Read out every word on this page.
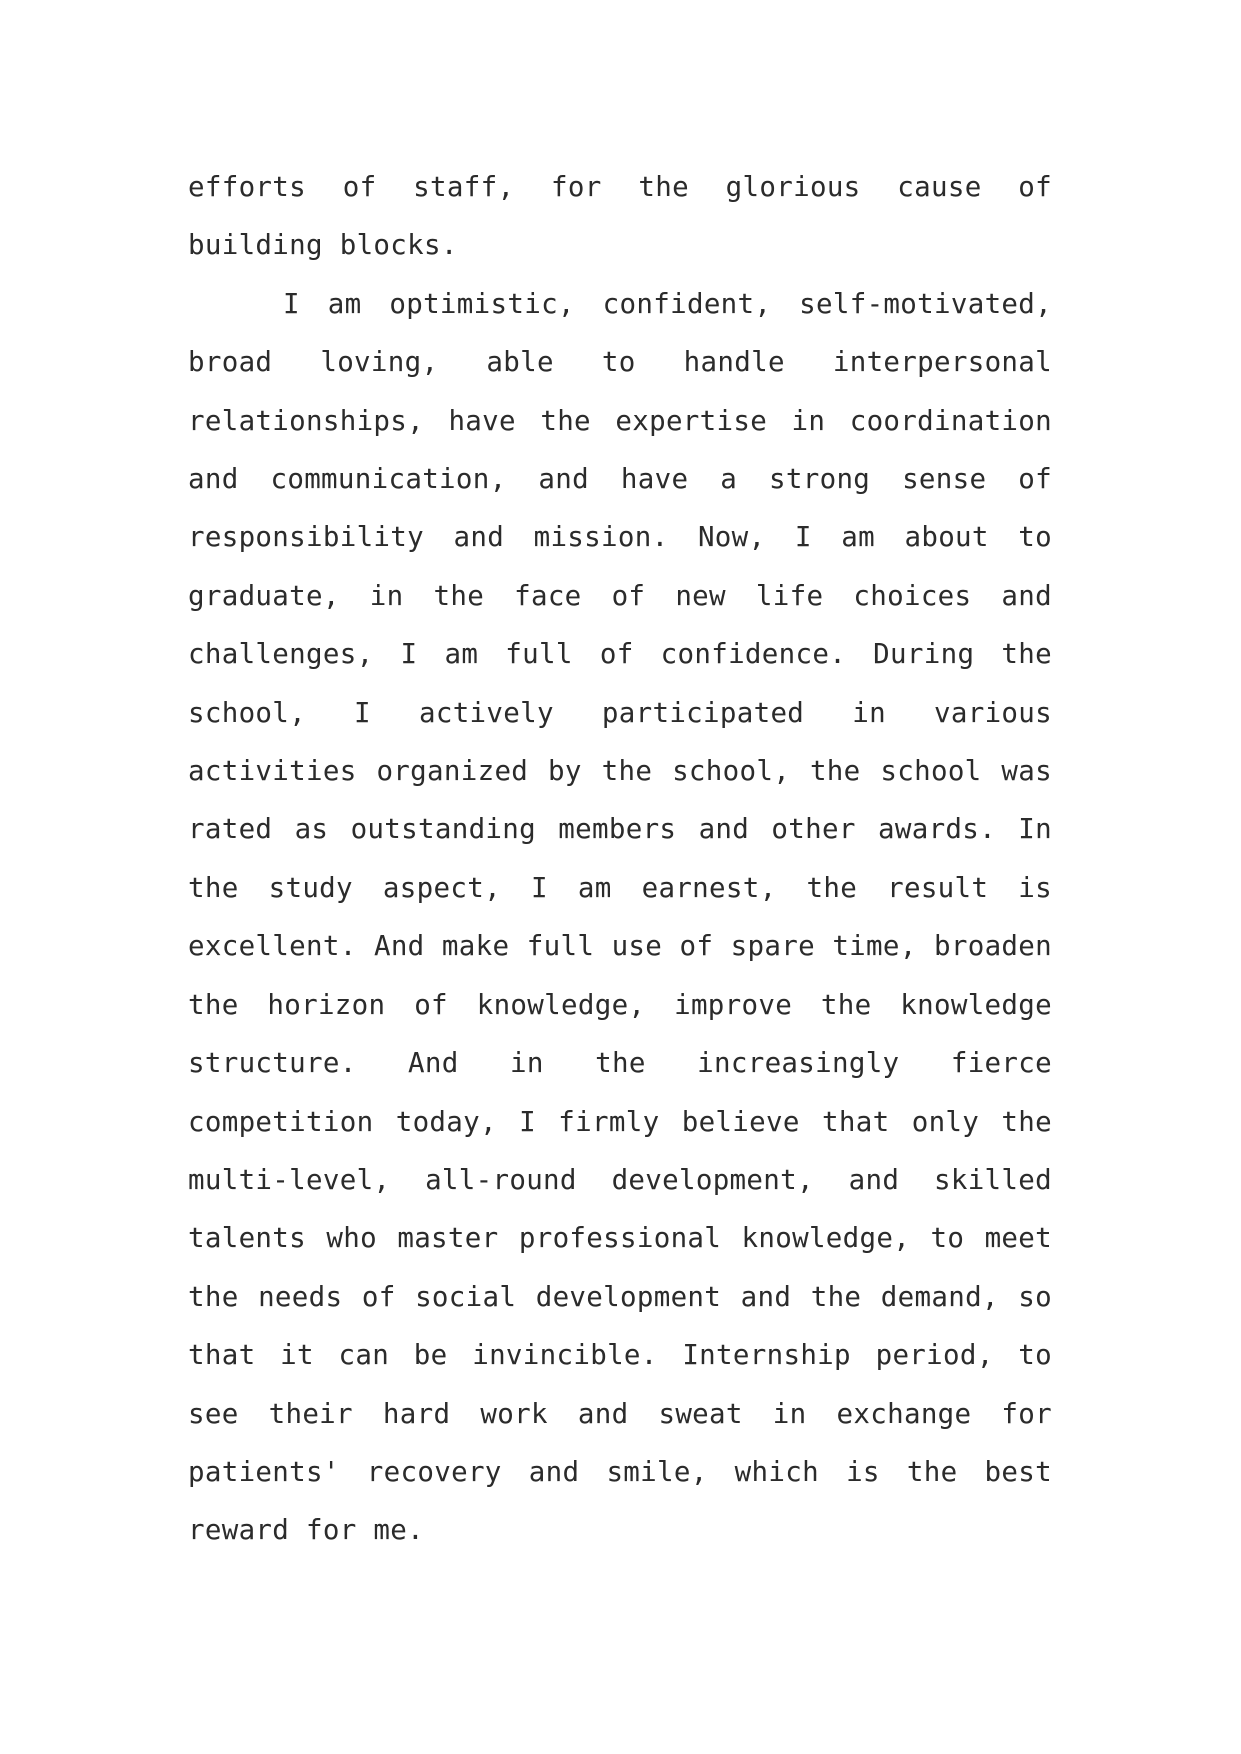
efforts of staff, for the glorious cause of building blocks.

I am optimistic, confident, self-motivated, broad loving, able to handle interpersonal relationships, have the expertise in coordination and communication, and have a strong sense of responsibility and mission. Now, I am about to graduate, in the face of new life choices and challenges, I am full of confidence. During the school, I actively participated in various activities organized by the school, the school was rated as outstanding members and other awards. In the study aspect, I am earnest, the result is excellent. And make full use of spare time, broaden the horizon of knowledge, improve the knowledge structure. And in the increasingly fierce competition today, I firmly believe that only the multi-level, all-round development, and skilled talents who master professional knowledge, to meet the needs of social development and the demand, so that it can be invincible. Internship period, to see their hard work and sweat in exchange for patients' recovery and smile, which is the best reward for me.
